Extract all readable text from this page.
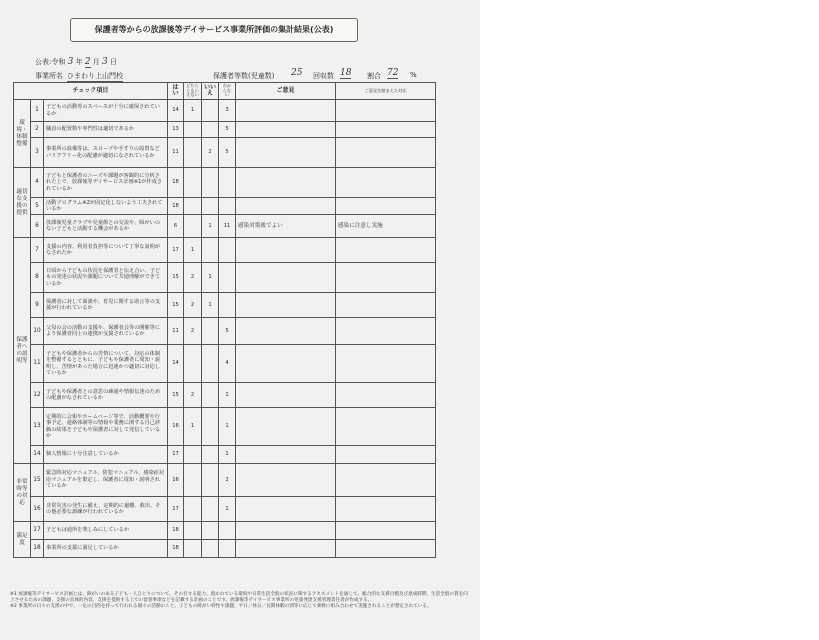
保護者等からの放課後等デイサービス事業所評価の集計結果(公表)
公表:令和 3 年 2 月 3 日
事業所名 ひまわり上山門校	保護者等数(児童数) 25 回収数 18 割合 72 %
チェック項目			はい	どちらともいえない	いいえ	わからない	ご意見	ご意見を踏まえた対応
環境・体制整備	1	子どもの活動等のスペースが十分に確保されているか	14	1		3		
	2	職員の配置数や専門性は適切であるか	13			5		
	3	事業所の設備等は、スロープや手すりの設置などバリアフリー化の配慮が適切になされているか	11		2	5		
適切な支援の提供	4	子どもと保護者のニーズや課題が客観的に分析された上で、放課後等デイサービス計画※1が作成されているか	18					
	5	活動プログラム※2が固定化しないよう工夫されているか	18					
	6	放課後児童クラブや児童館との交流や、障がいのない子どもと活動する機会があるか	6		1	11	感染対策後でよい	感染に注意し実施
保護者への説明等	7	支援の内容、利用者負担等について丁寧な説明がなされたか	17	1				
	8	日頃から子どもの状況を保護者と伝え合い、子どもの発達の状況や課題について共通理解ができているか	15	2	1			
	9	保護者に対して面談や、育児に関する助言等の支援が行われているか	15	2	1			
	10	父母の会の活動の支援や、保護者会等の開催等により保護者同士の連携が支援されているか	11	2		5		
	11	子どもや保護者からの苦情について、対応の体制を整備するとともに、子どもや保護者に周知・説明し、苦情があった場合に迅速かつ適切に対応しているか	14			4		
	12	子どもや保護者との意思の疎通や情報伝達のための配慮がなされているか	15	2		1		
	13	定期的に会報やホームページ等で、活動概要や行事予定、連絡体制等の情報や業務に関する自己評価の結果を子どもや保護者に対して発信しているか	16	1		1		
	14	個人情報に十分注意しているか	17			1		
非常時等の対応	15	緊急時対応マニュアル、防犯マニュアル、感染症対応マニュアルを策定し、保護者に周知・説明されているか	16			2		
	16	非常災害の発生に備え、定期的に避難、救出、その他必要な訓練が行われているか	17			1		
満足度	17	子どもは通所を楽しみにしているか	18					
	18	事業所の支援に満足しているか	18					
※1 放課後等デイサービス計画とは、障がいのある子ども一人ひとりについて、その有する能力、置かれている環境や日常生活全般の状況に関するアセスメントを通じて、総合的な支援目標及び達成時期、生活全般の質を向上させるための課題、支援の具体的内容、支援を提供する上での留意事項などを記載する計画のことです。放課後等デイサービス事業所の児童発達支援管理責任者が作成する。
※2 事業所の日々の支援の中で、一定の目的を持って行われる個々の活動のこと。子どもの障がい特性や課題、平日／休日／長期休暇の別等に応じて柔軟に組み合わせて実施されることが想定されている。
